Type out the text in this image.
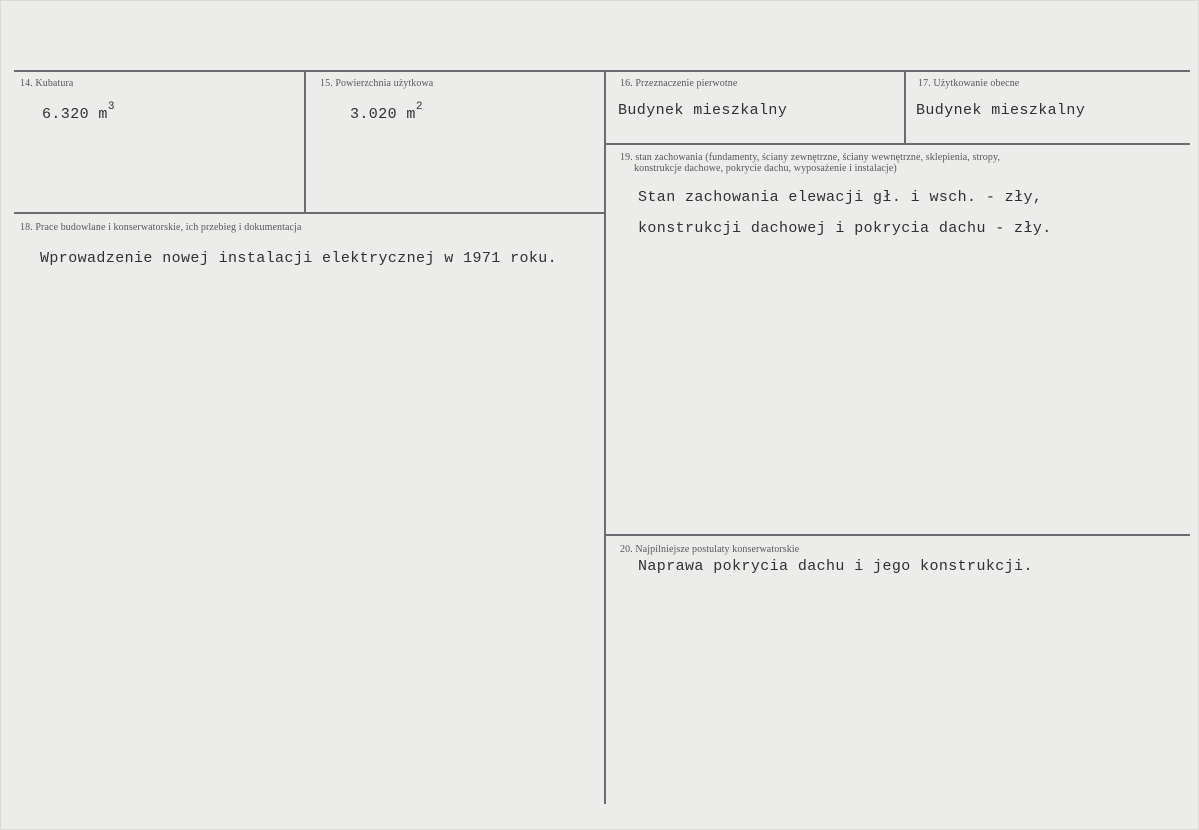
14. Kubatura
6.320 $m^3$
15. Powierzchnia użytkowa
3.020 $m^2$
16. Przeznaczenie pierwotne
Budynek mieszkalny
17. Użytkowanie obecne
Budynek mieszkalny
18. Prace budowlane i konserwatorskie, ich przebieg i dokumentacja
Wprowadzenie nowej instalacji elektrycznej w 1971 roku.
19. stan zachowania (fundamenty, ściany zewnętrzne, ściany wewnętrzne, sklepienia, stropy,
konstrukcje dachowe, pokrycie dachu, wyposażenie i instalacje)
Stan zachowania elewacji gł. i wsch. - zły,
konstrukcji dachowej i pokrycia dachu - zły.
20. Najpilniejsze postulaty konserwatorskie
Naprawa pokrycia dachu i jego konstrukcji.
